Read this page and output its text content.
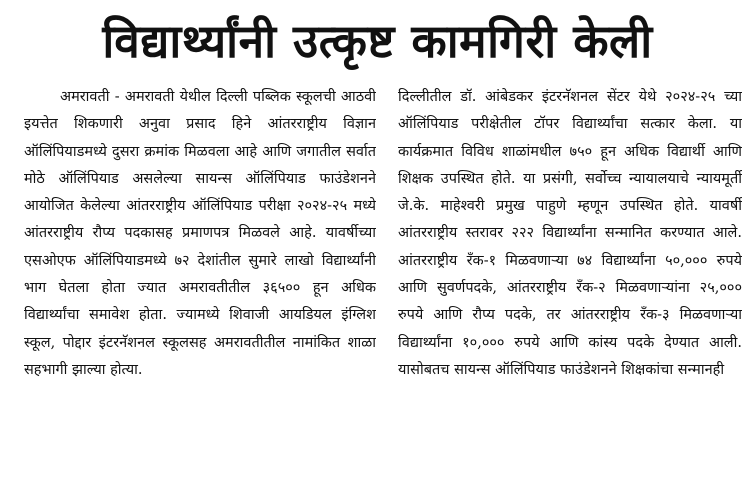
विद्यार्थ्यांनी उत्कृष्ट कामगिरी केली

अमरावती - अमरावती येथील दिल्ली पब्लिक स्कूलची आठवी इयत्तेत शिकणारी अनुवा प्रसाद हिने आंतरराष्ट्रीय विज्ञान ऑलिंपियाडमध्ये दुसरा क्रमांक मिळवला आहे आणि जगातील सर्वात मोठे ऑलिंपियाड असलेल्या सायन्स ऑलिंपियाड फाउंडेशनने आयोजित केलेल्या आंतरराष्ट्रीय ऑलिंपियाड परीक्षा २०२४-२५ मध्ये आंतरराष्ट्रीय रौप्य पदकासह प्रमाणपत्र मिळवले आहे. यावर्षीच्या एसओएफ ऑलिंपियाडमध्ये ७२ देशांतील सुमारे लाखो विद्यार्थ्यांनी भाग घेतला होता ज्यात अमरावतीतील ३६५०० हून अधिक विद्यार्थ्यांचा समावेश होता. ज्यामध्ये शिवाजी आयडियल इंग्लिश स्कूल, पोद्दार इंटरनॅशनल स्कूलसह अमरावतीतील नामांकित शाळा सहभागी झाल्या होत्या.

दिल्लीतील डॉ. आंबेडकर इंटरनॅशनल सेंटर येथे २०२४-२५ च्या ऑलिंपियाड परीक्षेतील टॉपर विद्यार्थ्यांचा सत्कार केला. या कार्यक्रमात विविध शाळांमधील ७५० हून अधिक विद्यार्थी आणि शिक्षक उपस्थित होते. या प्रसंगी, सर्वोच्च न्यायालयाचे न्यायमूर्ती जे.के. माहेश्वरी प्रमुख पाहुणे म्हणून उपस्थित होते. यावर्षी आंतरराष्ट्रीय स्तरावर २२२ विद्यार्थ्यांना सन्मानित करण्यात आले. आंतरराष्ट्रीय रँक-१ मिळवणाऱ्या ७४ विद्यार्थ्यांना ५०,००० रुपये आणि सुवर्णपदके, आंतरराष्ट्रीय रँक-२ मिळवणाऱ्यांना २५,००० रुपये आणि रौप्य पदके, तर आंतरराष्ट्रीय रँक-३ मिळवणाऱ्या विद्यार्थ्यांना १०,००० रुपये आणि कांस्य पदके देण्यात आली. यासोबतच सायन्स ऑलिंपियाड फाउंडेशनने शिक्षकांचा सन्मानही
